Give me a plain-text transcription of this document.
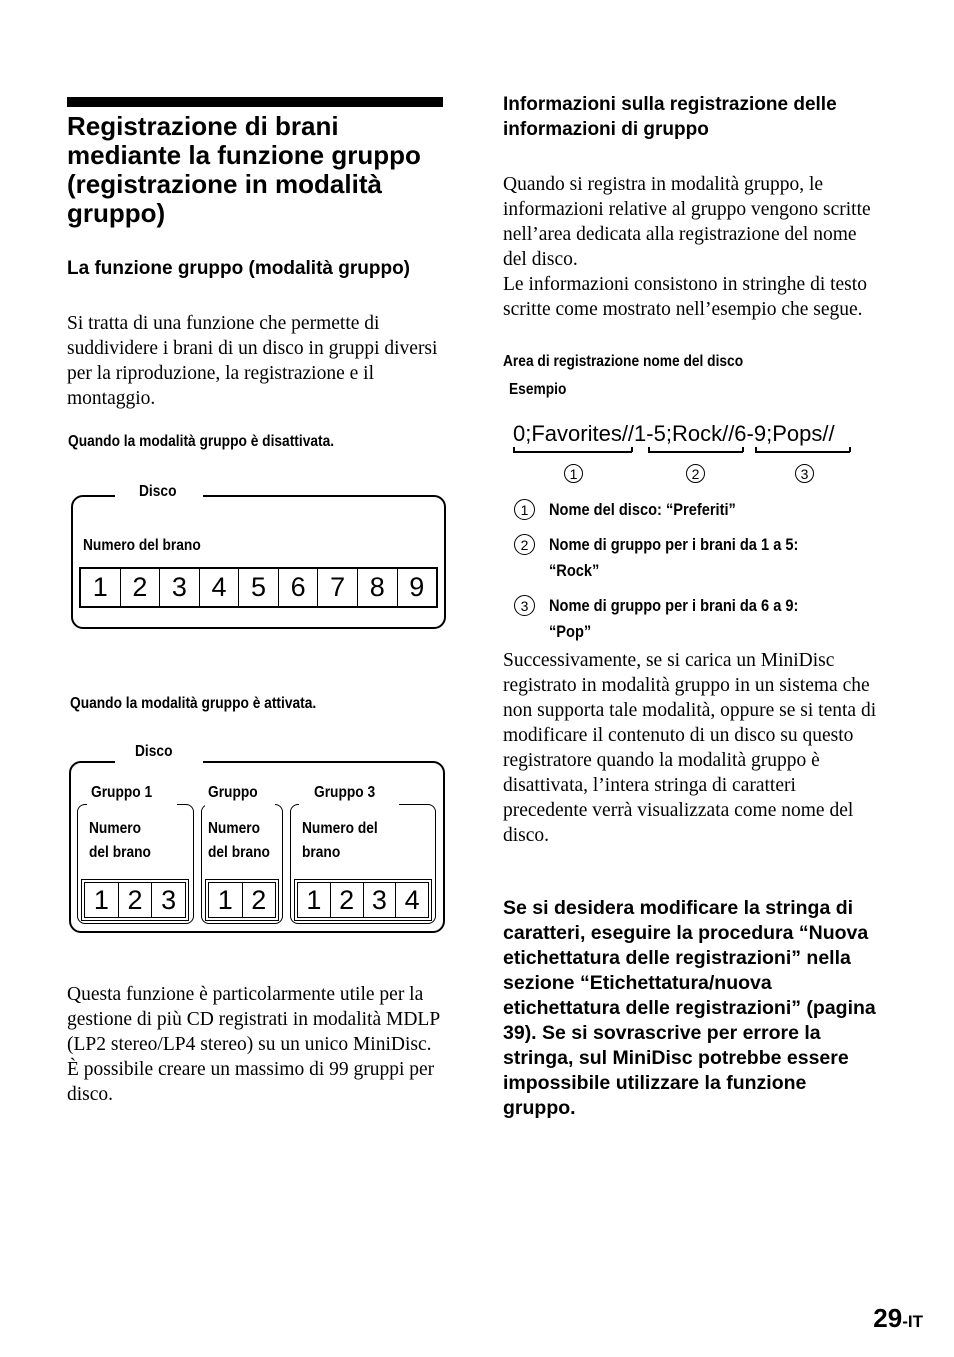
Registrazione di brani mediante la funzione gruppo (registrazione in modalità gruppo)
La funzione gruppo (modalità gruppo)
Si tratta di una funzione che permette di suddividere i brani di un disco in gruppi diversi per la riproduzione, la registrazione e il montaggio.
Quando la modalità gruppo è disattivata.
Disco
Numero del brano
1 2 3 4 5 6 7 8 9
Quando la modalità gruppo è attivata.
Disco
Gruppo 1
Numero
del brano
1 2 3
Gruppo
Numero
del brano
1 2
Gruppo 3
Numero del
brano
1 2 3 4
Questa funzione è particolarmente utile per la gestione di più CD registrati in modalità MDLP (LP2 stereo/LP4 stereo) su un unico MiniDisc. È possibile creare un massimo di 99 gruppi per disco.
Informazioni sulla registrazione delle informazioni di gruppo
Quando si registra in modalità gruppo, le informazioni relative al gruppo vengono scritte nell’area dedicata alla registrazione del nome del disco.
Le informazioni consistono in stringhe di testo scritte come mostrato nell’esempio che segue.
Area di registrazione nome del disco
Esempio
0;Favorites//1-5;Rock//6-9;Pops//
1	2	3
1	Nome del disco: “Preferiti”
2	Nome di gruppo per i brani da 1 a 5:
“Rock”
3	Nome di gruppo per i brani da 6 a 9:
“Pop”
Successivamente, se si carica un MiniDisc registrato in modalità gruppo in un sistema che non supporta tale modalità, oppure se si tenta di modificare il contenuto di un disco su questo registratore quando la modalità gruppo è disattivata, l’intera stringa di caratteri precedente verrà visualizzata come nome del disco.
Se si desidera modificare la stringa di caratteri, eseguire la procedura “Nuova etichettatura delle registrazioni” nella sezione “Etichettatura/nuova etichettatura delle registrazioni” (pagina 39). Se si sovrascrive per errore la stringa, sul MiniDisc potrebbe essere impossibile utilizzare la funzione gruppo.
29-IT
